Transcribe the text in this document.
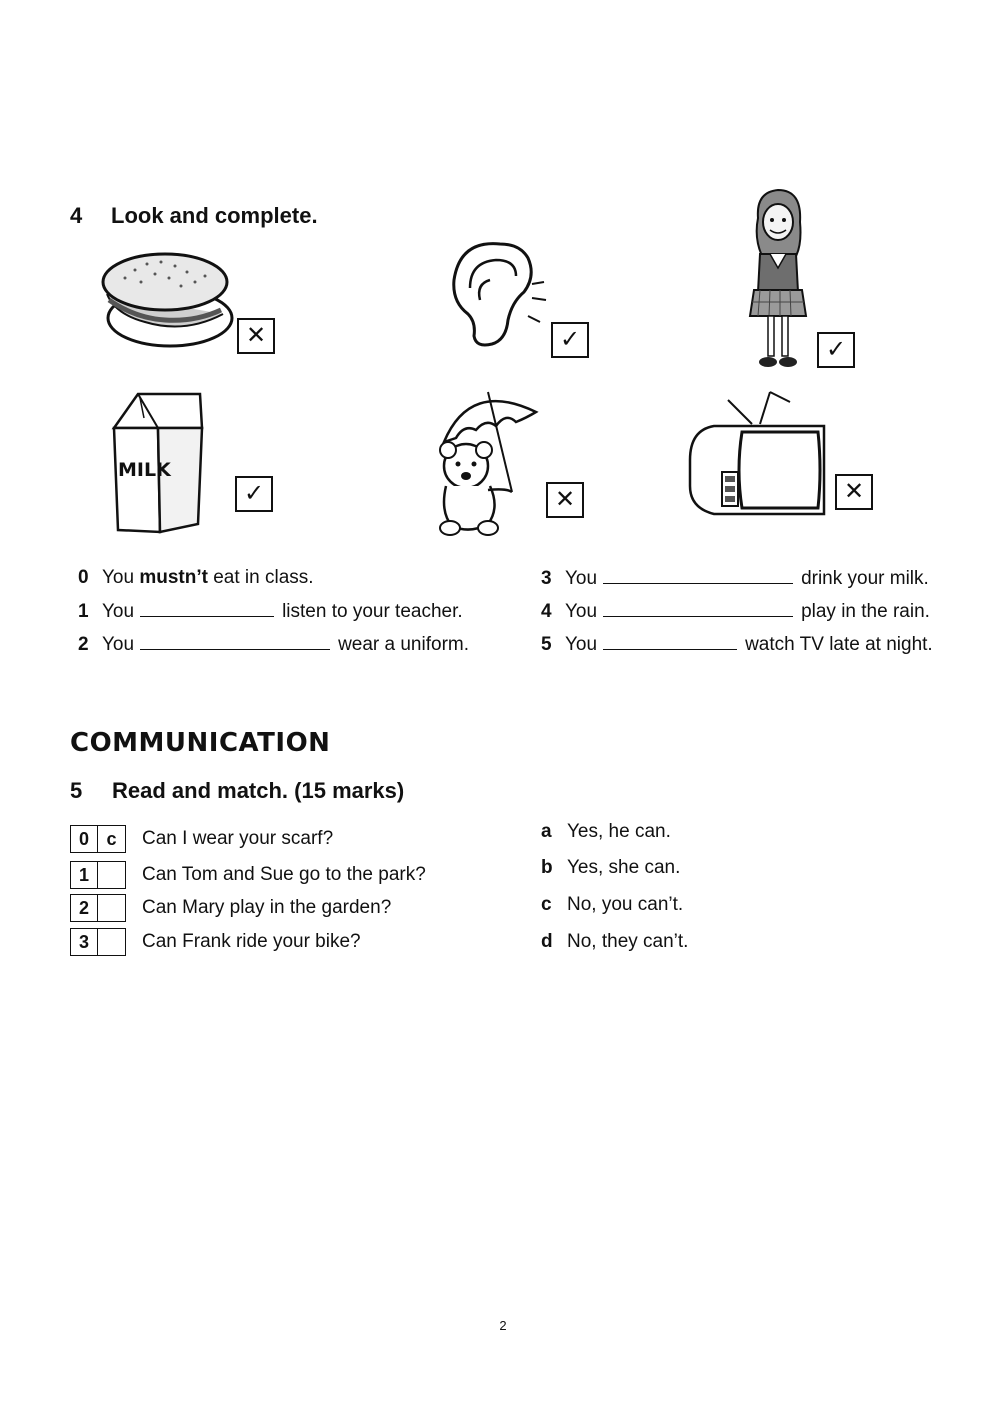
4 Look and complete.
✕	✓	✓
MILK
✓	✕	✕
0 You mustn’t eat in class.
1 You	listen to your teacher.
2 You	wear a uniform.
3 You	drink your milk.
4 You	play in the rain.
5 You	watch TV late at night.
COMMUNICATION
5 Read and match. (15 marks)
0 c	Can I wear your scarf?
1	Can Tom and Sue go to the park?
2	Can Mary play in the garden?
3	Can Frank ride your bike?
a Yes, he can.
b Yes, she can.
c No, you can’t.
d No, they can’t.
2
